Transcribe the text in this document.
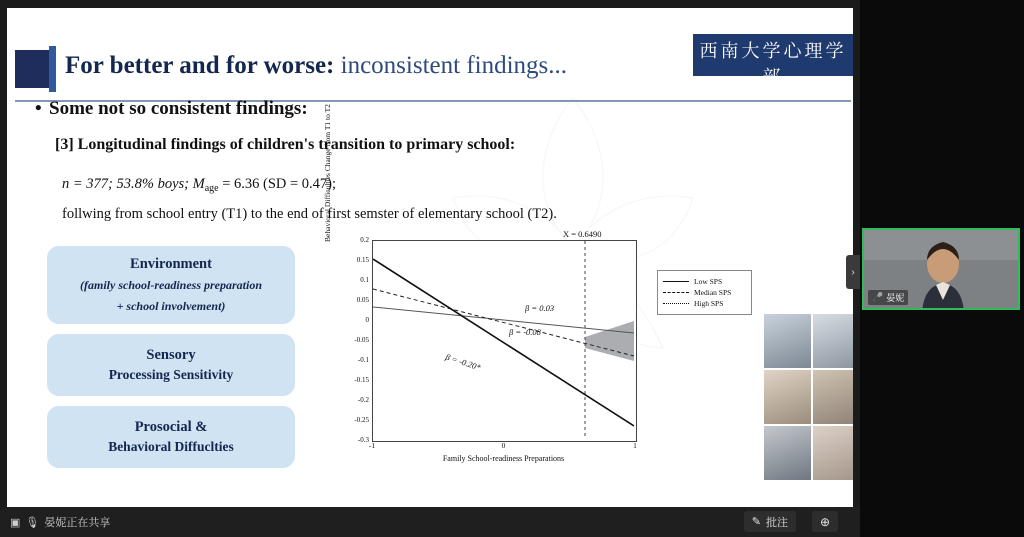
For better and for worse: inconsistent findings...
西南大学心理学部
Southwest University Faculty of Psychology
• Some not so consistent findings:
[3] Longitudinal findings of children's transition to primary school:
n = 377; 53.8% boys; $M_{age} = 6.36$ (SD = 0.47);
follwing from school entry (T1) to the end of first semster of elementary school (T2).
Environment
(family school-readiness preparation
+ school involvement)
Sensory
Processing Sensitivity
Prosocial &
Behavioral Diffuclties
Behavioral Difficulties Change from T1 to T2	0.2
0.15
0.1
0.05
0
-0.05
-0.1
-0.15
-0.2
-0.25
-0.3
X = 0.6490
β = 0.03
β = -0.08
β = -0.20*
-1	0	1
Family School-readiness Preparations
Low SPS
Median SPS
High SPS
▣ 🎙 晏妮正在共享	✎ 批注	⊕
›
🎤 晏妮
